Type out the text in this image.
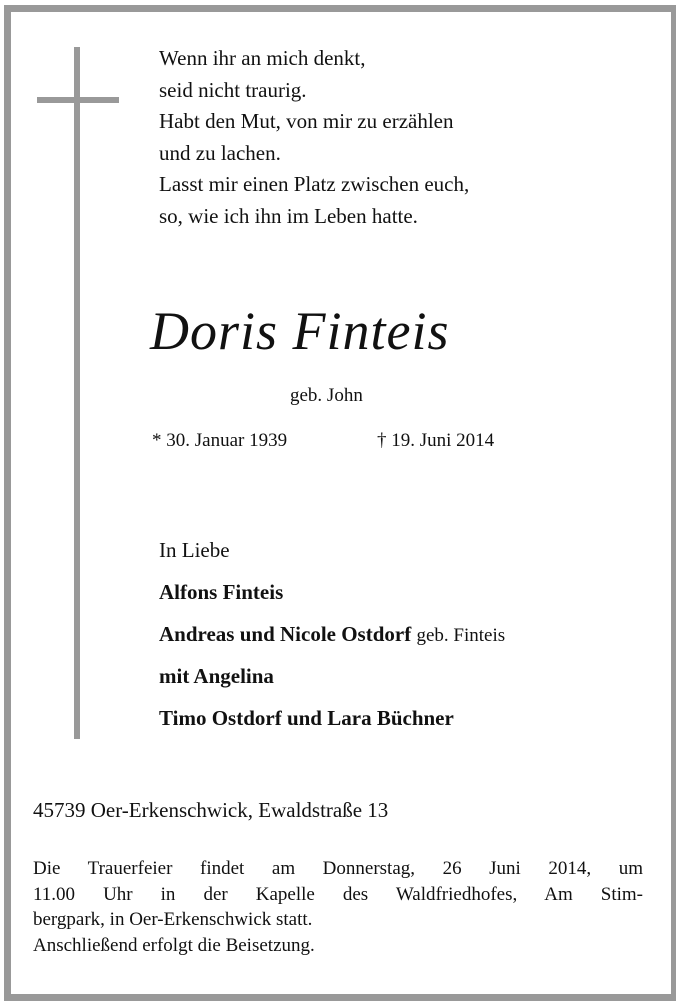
Wenn ihr an mich denkt,
seid nicht traurig.
Habt den Mut, von mir zu erzählen
und zu lachen.
Lasst mir einen Platz zwischen euch,
so, wie ich ihn im Leben hatte.
Doris Finteis
geb. John
* 30. Januar 1939	† 19. Juni 2014
In Liebe
Alfons Finteis
Andreas und Nicole Ostdorf geb. Finteis
mit Angelina
Timo Ostdorf und Lara Büchner
45739 Oer-Erkenschwick, Ewaldstraße 13
Die Trauerfeier findet am Donnerstag, 26 Juni 2014, um
11.00 Uhr in der Kapelle des Waldfriedhofes, Am Stim-
bergpark, in Oer-Erkenschwick statt.
Anschließend erfolgt die Beisetzung.
